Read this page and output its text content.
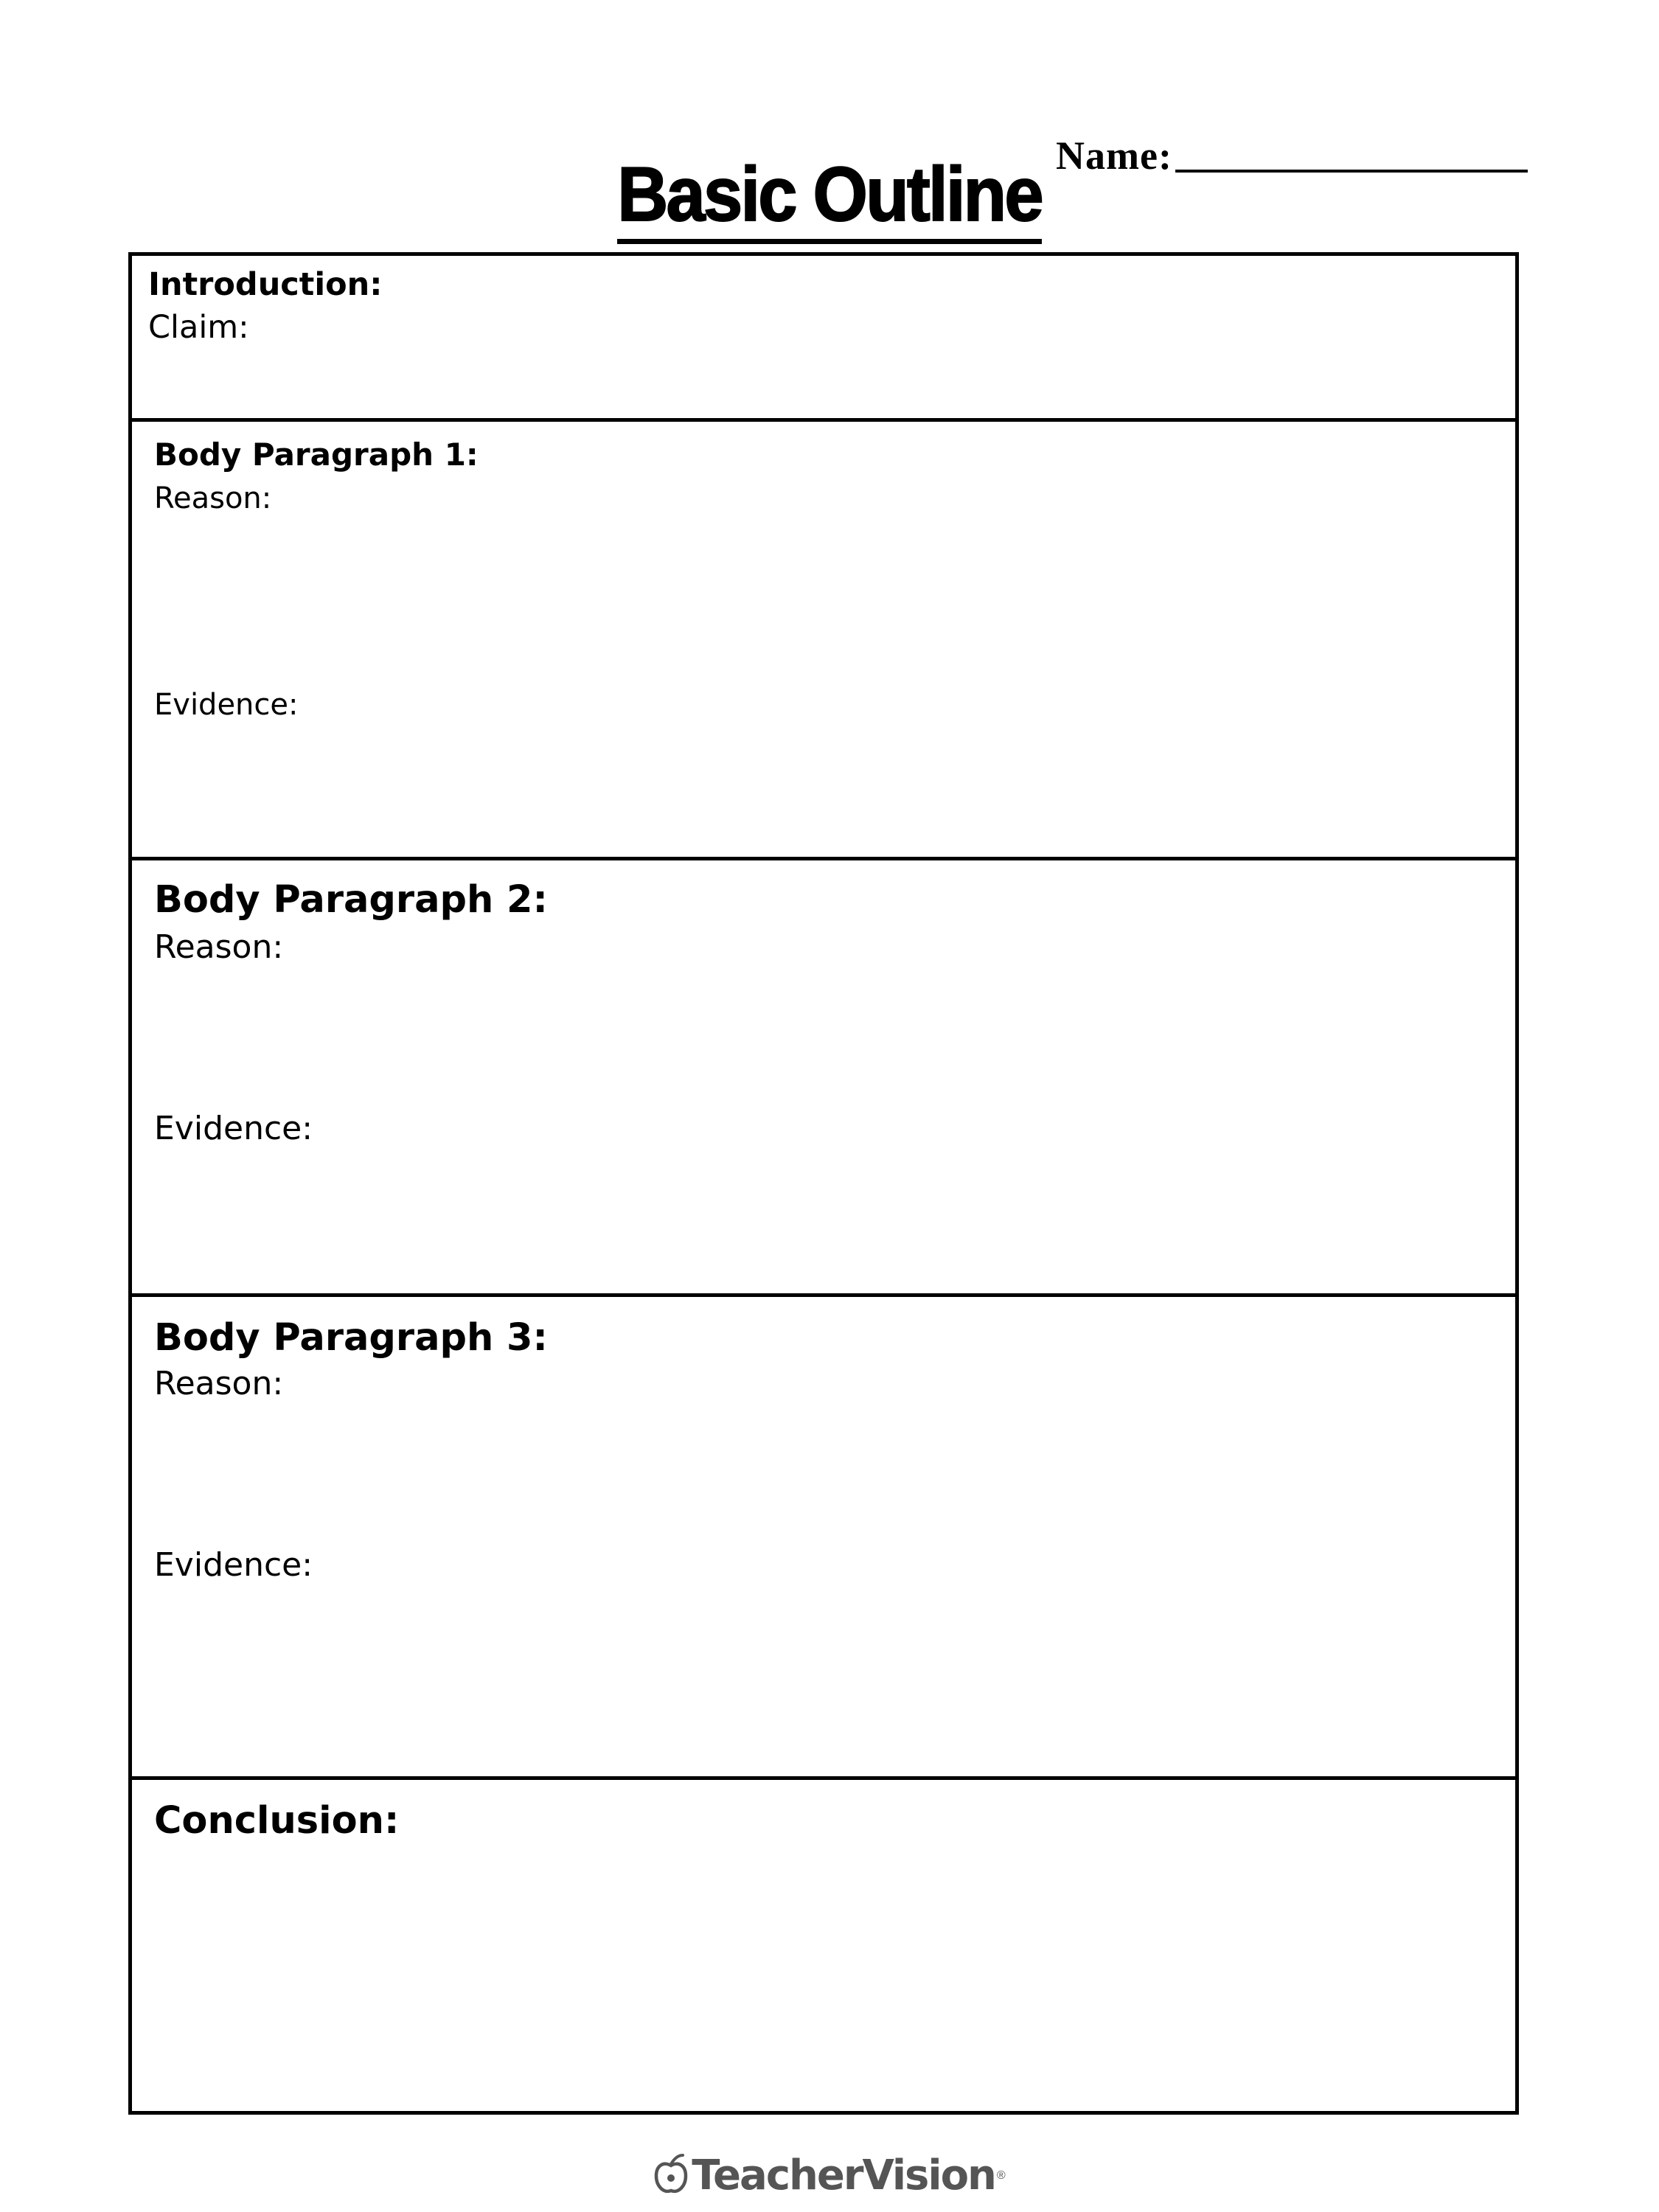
Name:
Basic Outline
Introduction:
Claim:
Body Paragraph 1:
Reason:
Evidence:
Body Paragraph 2:
Reason:
Evidence:
Body Paragraph 3:
Reason:
Evidence:
Conclusion:
TeacherVision ®
